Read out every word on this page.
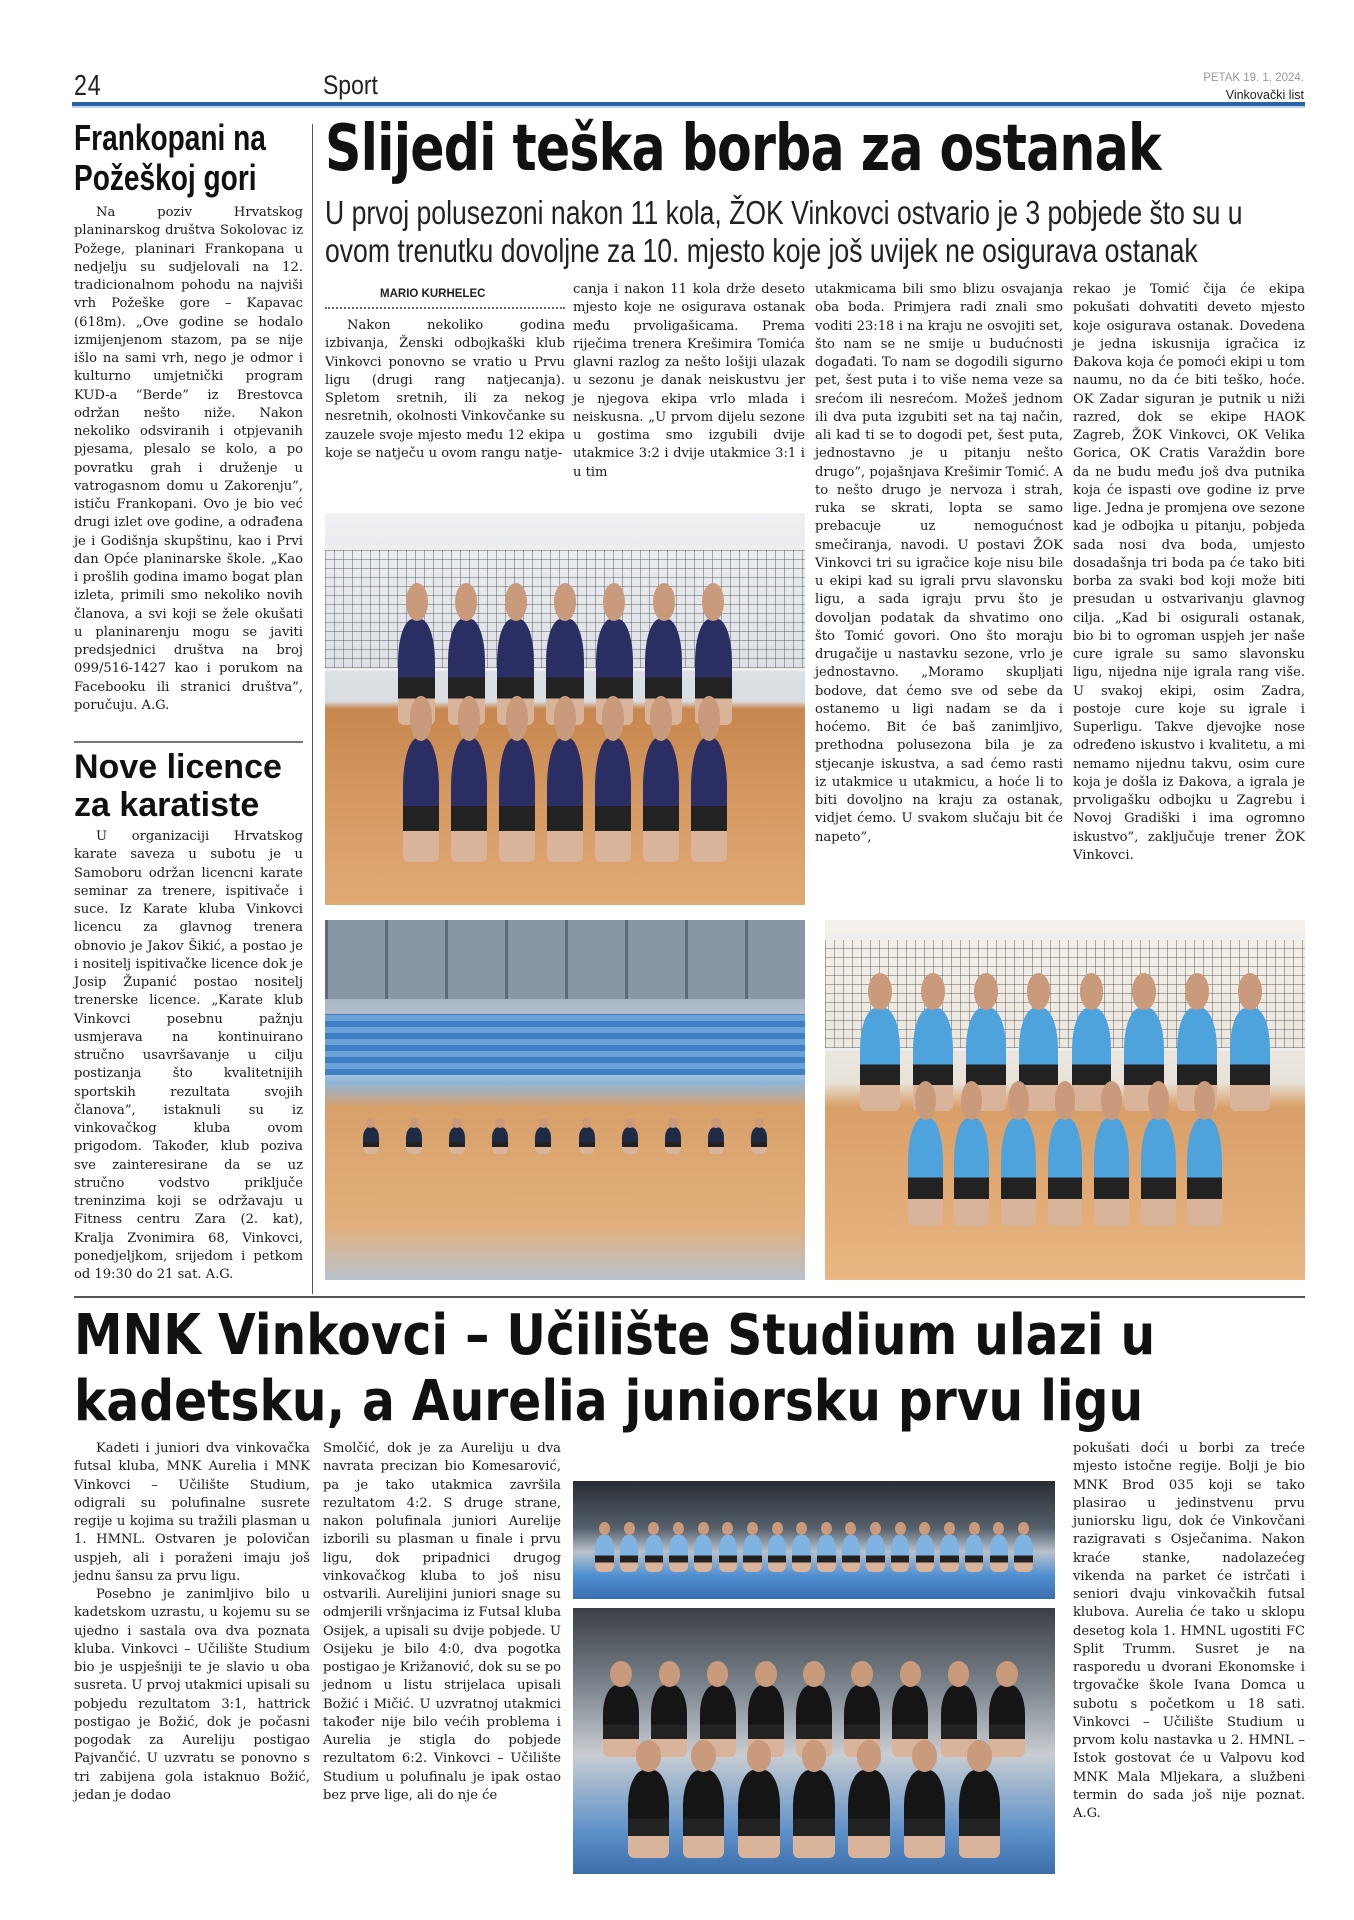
24	Sport	PETAK 19. 1. 2024.
Vinkovački list
Frankopani na
Požeškoj gori

Na poziv Hrvatskog planinarskog društva Sokolovac iz Požege, planinari Frankopana u nedjelju su sudjelovali na 12. tradicionalnom pohodu na najviši vrh Požeške gore – Kapavac (618m). „Ove godine se hodalo izmijenjenom stazom, pa se nije išlo na sami vrh, nego je odmor i kulturno umjetnički program KUD-a “Berde” iz Brestovca održan nešto niže. Nakon nekoliko odsviranih i otpjevanih pjesama, plesalo se kolo, a po povratku grah i druženje u vatrogasnom domu u Zakorenju”, ističu Frankopani. Ovo je bio već drugi izlet ove godine, a odrađena je i Godišnja skupštinu, kao i Prvi dan Opće planinarske škole. „Kao i prošlih godina imamo bogat plan izleta, primili smo nekoliko novih članova, a svi koji se žele okušati u planinarenju mogu se javiti predsjednici društva na broj 099/516-1427 kao i porukom na Facebooku ili stranici društva”, poručuju. A.G.

Nove licence
za karatiste

U organizaciji Hrvatskog karate saveza u subotu je u Samoboru održan licencni karate seminar za trenere, ispitivače i suce. Iz Karate kluba Vinkovci licencu za glavnog trenera obnovio je Jakov Šikić, a postao je i nositelj ispitivačke licence dok je Josip Županić postao nositelj trenerske licence. „Karate klub Vinkovci posebnu pažnju usmjerava na kontinuirano stručno usavršavanje u cilju postizanja što kvalitetnijih sportskih rezultata svojih članova”, istaknuli su iz vinkovačkog kluba ovom prigodom. Također, klub poziva sve zainteresirane da se uz stručno vodstvo priključe treninzima koji se održavaju u Fitness centru Zara (2. kat), Kralja Zvonimira 68, Vinkovci, ponedjeljkom, srijedom i petkom od 19:30 do 21 sat. A.G.

Slijedi teška borba za ostanak
U prvoj polusezoni nakon 11 kola, ŽOK Vinkovci ostvario je 3 pobjede što su u ovom trenutku dovoljne za 10. mjesto koje još uvijek ne osigurava ostanak
MARIO KURHELEC

Nakon nekoliko godina izbivanja, Ženski odbojkaški klub Vinkovci ponovno se vratio u Prvu ligu (drugi rang natjecanja). Spletom sretnih, ili za nekog nesretnih, okolnosti Vinkovčanke su zauzele svoje mjesto među 12 ekipa koje se natječu u ovom rangu natje-

canja i nakon 11 kola drže deseto mjesto koje ne osigurava ostanak među prvoligašicama. Prema riječima trenera Krešimira Tomića glavni razlog za nešto lošiji ulazak u sezonu je danak neiskustvu jer je njegova ekipa vrlo mlada i neiskusna. „U prvom dijelu sezone u gostima smo izgubili dvije utakmice 3:2 i dvije utakmice 3:1 i u tim

utakmicama bili smo blizu osvajanja oba boda. Primjera radi znali smo voditi 23:18 i na kraju ne osvojiti set, što nam se ne smije u budućnosti događati. To nam se dogodili sigurno pet, šest puta i to više nema veze sa srećom ili nesrećom. Možeš jednom ili dva puta izgubiti set na taj način, ali kad ti se to dogodi pet, šest puta, jednostavno je u pitanju nešto drugo”, pojašnjava Krešimir Tomić. A to nešto drugo je nervoza i strah, ruka se skrati, lopta se samo prebacuje uz nemogućnost smečiranja, navodi. U postavi ŽOK Vinkovci tri su igračice koje nisu bile u ekipi kad su igrali prvu slavonsku ligu, a sada igraju prvu što je dovoljan podatak da shvatimo ono što Tomić govori. Ono što moraju drugačije u nastavku sezone, vrlo je jednostavno. „Moramo skupljati bodove, dat ćemo sve od sebe da ostanemo u ligi nadam se da i hoćemo. Bit će baš zanimljivo, prethodna polusezona bila je za stjecanje iskustva, a sad ćemo rasti iz utakmice u utakmicu, a hoće li to biti dovoljno na kraju za ostanak, vidjet ćemo. U svakom slučaju bit će napeto”,

rekao je Tomić čija će ekipa pokušati dohvatiti deveto mjesto koje osigurava ostanak. Dovedena je jedna iskusnija igračica iz Đakova koja će pomoći ekipi u tom naumu, no da će biti teško, hoće. OK Zadar siguran je putnik u niži razred, dok se ekipe HAOK Zagreb, ŽOK Vinkovci, OK Velika Gorica, OK Cratis Varaždin bore da ne budu među još dva putnika koja će ispasti ove godine iz prve lige. Jedna je promjena ove sezone kad je odbojka u pitanju, pobjeda sada nosi dva boda, umjesto dosadašnja tri boda pa će tako biti borba za svaki bod koji može biti presudan u ostvarivanju glavnog cilja. „Kad bi osigurali ostanak, bio bi to ogroman uspjeh jer naše cure igrale su samo slavonsku ligu, nijedna nije igrala rang više. U svakoj ekipi, osim Zadra, postoje cure koje su igrale i Superligu. Takve djevojke nose određeno iskustvo i kvalitetu, a mi nemamo nijednu takvu, osim cure koja je došla iz Đakova, a igrala je prvoligašku odbojku u Zagrebu i Novoj Gradiški i ima ogromno iskustvo”, zaključuje trener ŽOK Vinkovci.

MNK Vinkovci – Učilište Studium ulazi u
kadetsku, a Aurelia juniorsku prvu ligu

Kadeti i juniori dva vinkovačka futsal kluba, MNK Aurelia i MNK Vinkovci – Učilište Studium, odigrali su polufinalne susrete regije u kojima su tražili plasman u 1. HMNL. Ostvaren je polovičan uspjeh, ali i poraženi imaju još jednu šansu za prvu ligu.

Posebno je zanimljivo bilo u kadetskom uzrastu, u kojemu su se ujedno i sastala ova dva poznata kluba. Vinkovci – Učilište Studium bio je uspješniji te je slavio u oba susreta. U prvoj utakmici upisali su pobjedu rezultatom 3:1, hattrick postigao je Božić, dok je počasni pogodak za Aureliju postigao Pajvančić. U uzvratu se ponovno s tri zabijena gola istaknuo Božić, jedan je dodao

Smolčić, dok je za Aureliju u dva navrata precizan bio Komesarović, pa je tako utakmica završila rezultatom 4:2. S druge strane, nakon polufinala juniori Aurelije izborili su plasman u finale i prvu ligu, dok pripadnici drugog vinkovačkog kluba to još nisu ostvarili. Aurelijini juniori snage su odmjerili vršnjacima iz Futsal kluba Osijek, a upisali su dvije pobjede. U Osijeku je bilo 4:0, dva pogotka postigao je Križanović, dok su se po jednom u listu strijelaca upisali Božić i Mičić. U uzvratnoj utakmici također nije bilo većih problema i Aurelia je stigla do pobjede rezultatom 6:2. Vinkovci – Učilište Studium u polufinalu je ipak ostao bez prve lige, ali do nje će

pokušati doći u borbi za treće mjesto istočne regije. Bolji je bio MNK Brod 035 koji se tako plasirao u jedinstvenu prvu juniorsku ligu, dok će Vinkovčani razigravati s Osječanima. Nakon kraće stanke, nadolazećeg vikenda na parket će istrčati i seniori dvaju vinkovačkih futsal klubova. Aurelia će tako u sklopu desetog kola 1. HMNL ugostiti FC Split Trumm. Susret je na rasporedu u dvorani Ekonomske i trgovačke škole Ivana Domca u subotu s početkom u 18 sati. Vinkovci – Učilište Studium u prvom kolu nastavka u 2. HMNL – Istok gostovat će u Valpovu kod MNK Mala Mljekara, a službeni termin do sada još nije poznat. A.G.
